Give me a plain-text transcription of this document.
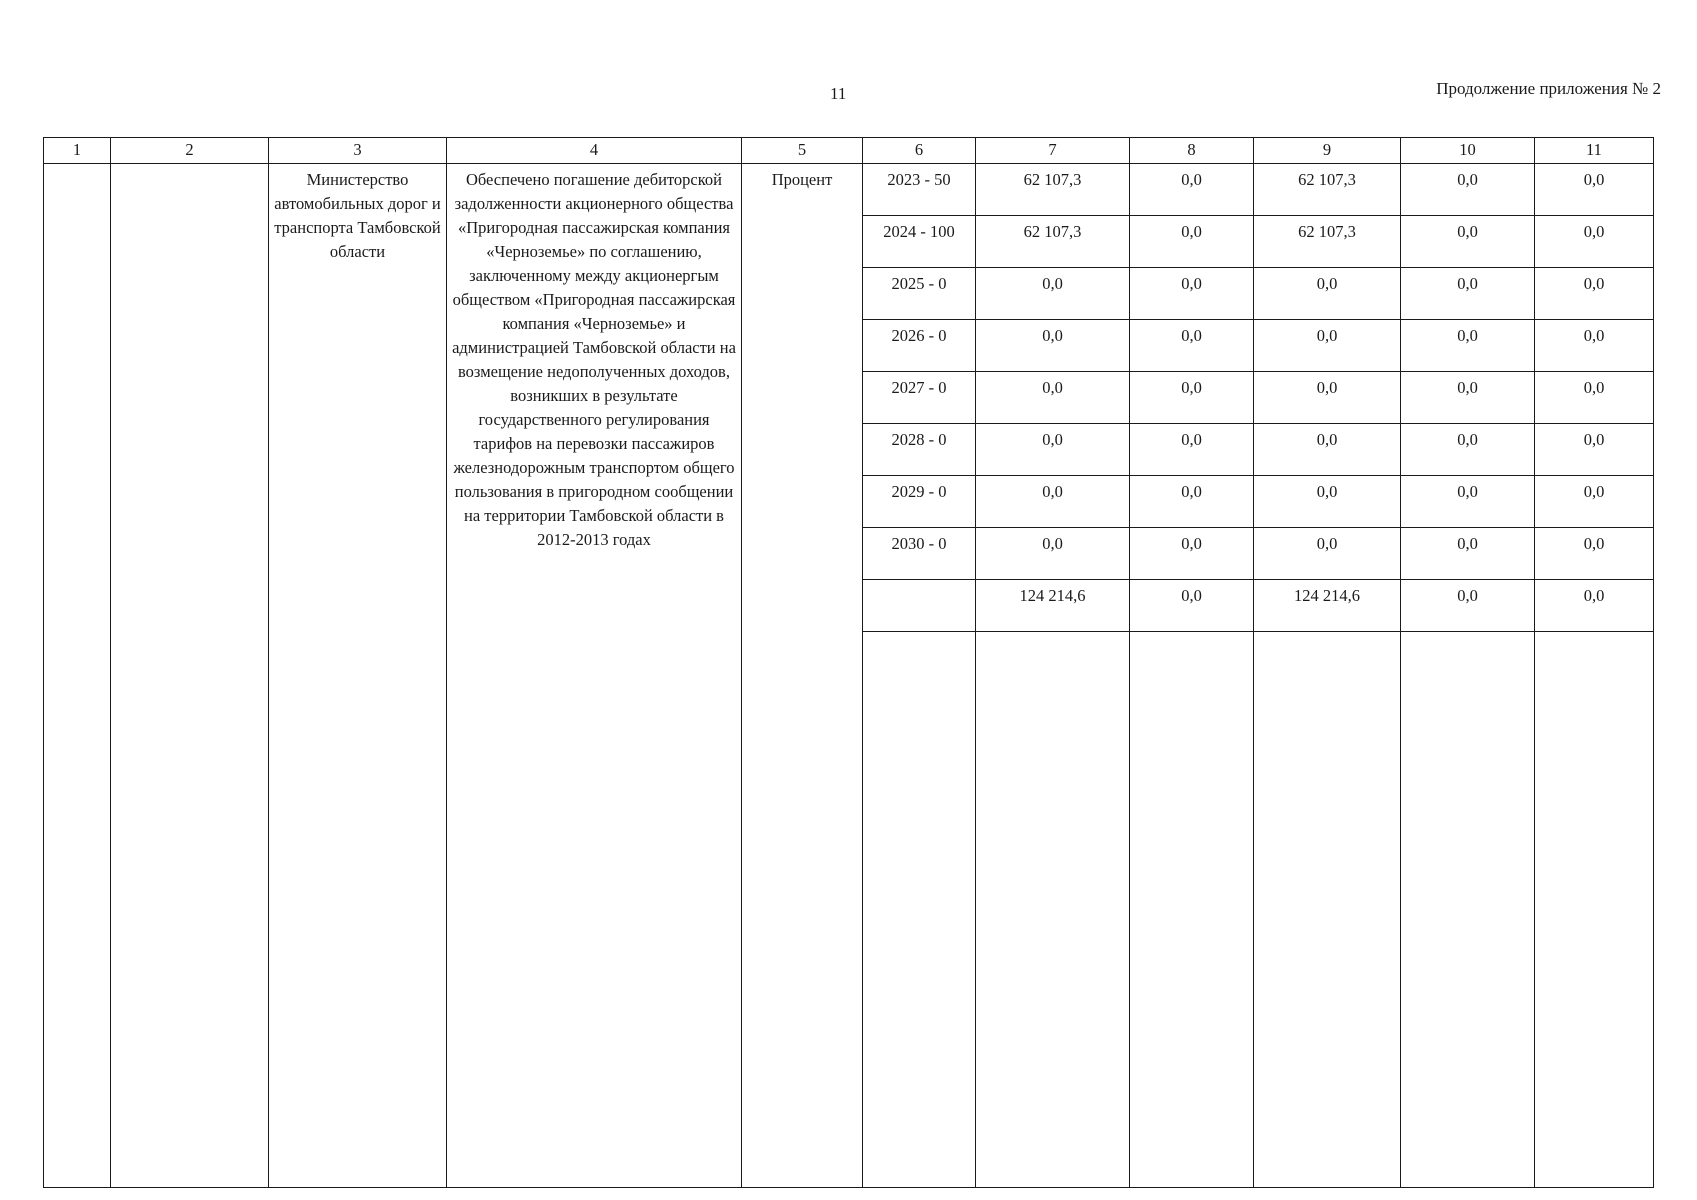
11	Продолжение приложения № 2
1	2	3	4	5	6	7	8	9	10	11
		Министерство автомобильных дорог и транспорта Тамбовской области	Обеспечено погашение дебиторской задолженности акционерного общества «Пригородная пассажирская компания «Черноземье» по соглашению, заключенному между акционергым обществом «Пригородная пассажирская компания «Черноземье» и администрацией Тамбовской области на возмещение недополученных доходов, возникших в результате государственного регулирования тарифов на перевозки пассажиров железнодорожным транспортом общего пользования в пригородном сообщении на территории Тамбовской области в 2012-2013 годах	Процент	2023 - 50	62 107,3	0,0	62 107,3	0,0	0,0
					2024 - 100	62 107,3	0,0	62 107,3	0,0	0,0
					2025 - 0	0,0	0,0	0,0	0,0	0,0
					2026 - 0	0,0	0,0	0,0	0,0	0,0
					2027 - 0	0,0	0,0	0,0	0,0	0,0
					2028 - 0	0,0	0,0	0,0	0,0	0,0
					2029 - 0	0,0	0,0	0,0	0,0	0,0
					2030 - 0	0,0	0,0	0,0	0,0	0,0
						124 214,6	0,0	124 214,6	0,0	0,0
